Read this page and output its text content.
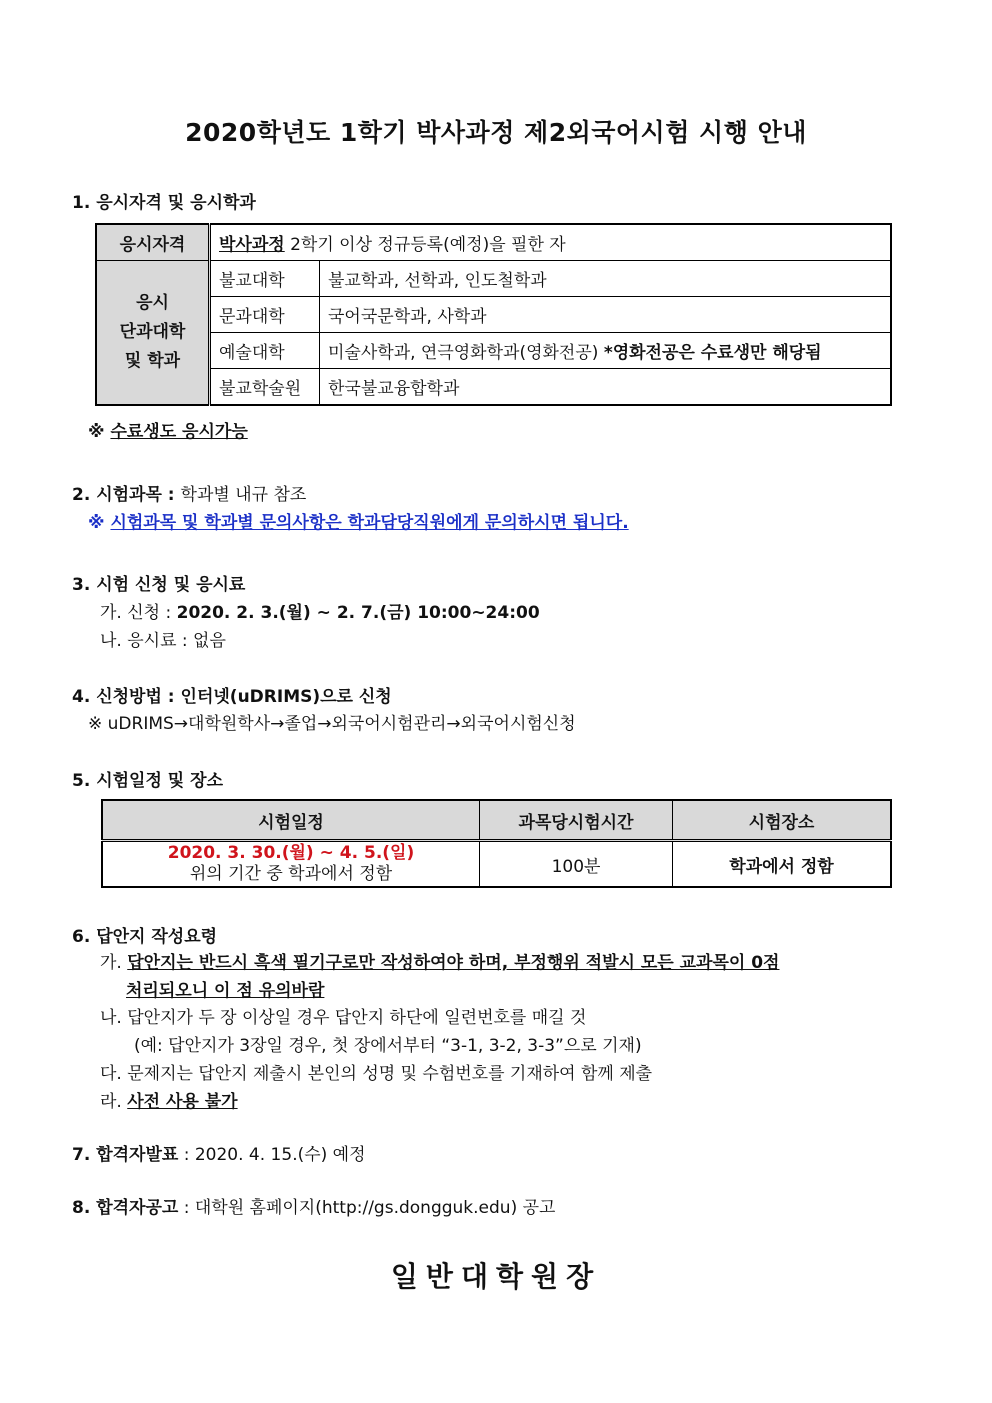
2020학년도 1학기 박사과정 제2외국어시험 시행 안내
1. 응시자격 및 응시학과
응시자격	박사과정 2학기 이상 정규등록(예정)을 필한 자	

응시
단과대학
및 학과	불교대학	불교학과, 선학과, 인도철학과
	문과대학	국어국문학과, 사학과
	예술대학	미술사학과, 연극영화학과(영화전공) *영화전공은 수료생만 해당됨
	불교학술원	한국불교융합학과
※ 수료생도 응시가능
2. 시험과목 : 학과별 내규 참조
※ 시험과목 및 학과별 문의사항은 학과담당직원에게 문의하시면 됩니다.
3. 시험 신청 및 응시료
가. 신청 : 2020. 2. 3.(월) ~ 2. 7.(금) 10:00~24:00
나. 응시료 : 없음
4. 신청방법 : 인터넷(uDRIMS)으로 신청
※ uDRIMS→대학원학사→졸업→외국어시험관리→외국어시험신청
5. 시험일정 및 장소
시험일정	과목당시험시간	시험장소

2020. 3. 30.(월) ~ 4. 5.(일)
위의 기간 중 학과에서 정함	100분	학과에서 정함
6. 답안지 작성요령
가. 답안지는 반드시 흑색 필기구로만 작성하여야 하며, 부정행위 적발시 모든 교과목이 0점
처리되오니 이 점 유의바람
나. 답안지가 두 장 이상일 경우 답안지 하단에 일련번호를 매길 것
(예: 답안지가 3장일 경우, 첫 장에서부터 “3-1, 3-2, 3-3”으로 기재)
다. 문제지는 답안지 제출시 본인의 성명 및 수험번호를 기재하여 함께 제출
라. 사전 사용 불가
7. 합격자발표 : 2020. 4. 15.(수) 예정
8. 합격자공고 : 대학원 홈페이지(http://gs.dongguk.edu) 공고
일반대학원장
